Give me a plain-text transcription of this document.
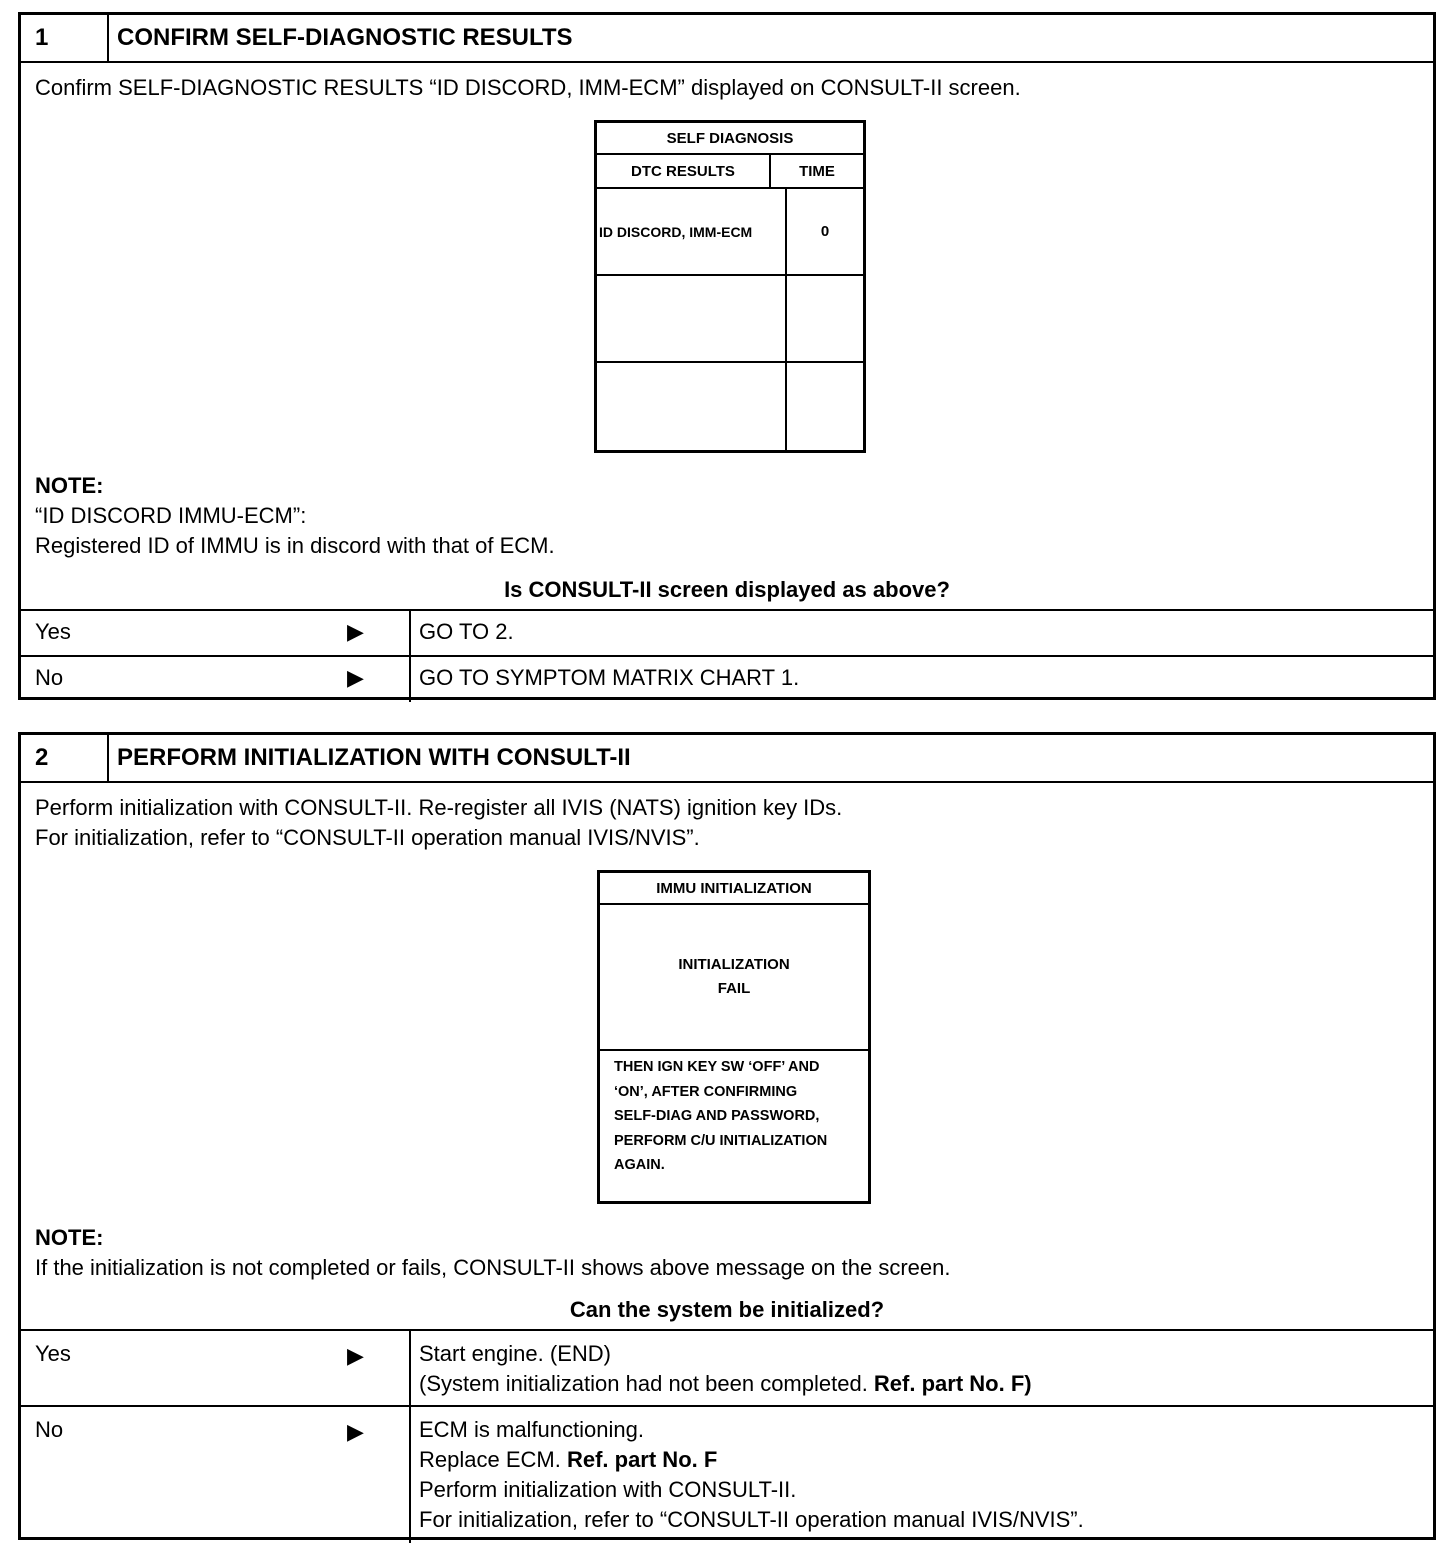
1	CONFIRM SELF-DIAGNOSTIC RESULTS
Confirm SELF-DIAGNOSTIC RESULTS “ID DISCORD, IMM-ECM” displayed on CONSULT-II screen.
SELF DIAGNOSIS
DTC RESULTS	TIME
ID DISCORD, IMM-ECM	0
NOTE:
“ID DISCORD IMMU-ECM”:
Registered ID of IMMU is in discord with that of ECM.
Is CONSULT-II screen displayed as above?
Yes	▶	GO TO 2.
No	▶	GO TO SYMPTOM MATRIX CHART 1.
2	PERFORM INITIALIZATION WITH CONSULT-II
Perform initialization with CONSULT-II. Re-register all IVIS (NATS) ignition key IDs.
For initialization, refer to “CONSULT-II operation manual IVIS/NVIS”.
IMMU INITIALIZATION
INITIALIZATION
FAIL
THEN IGN KEY SW ‘OFF’ AND
‘ON’, AFTER CONFIRMING
SELF-DIAG AND PASSWORD,
PERFORM C/U INITIALIZATION
AGAIN.
NOTE:
If the initialization is not completed or fails, CONSULT-II shows above message on the screen.
Can the system be initialized?
Yes	▶	Start engine. (END)
(System initialization had not been completed. Ref. part No. F)
No	▶	ECM is malfunctioning.
Replace ECM. Ref. part No. F
Perform initialization with CONSULT-II.
For initialization, refer to “CONSULT-II operation manual IVIS/NVIS”.
